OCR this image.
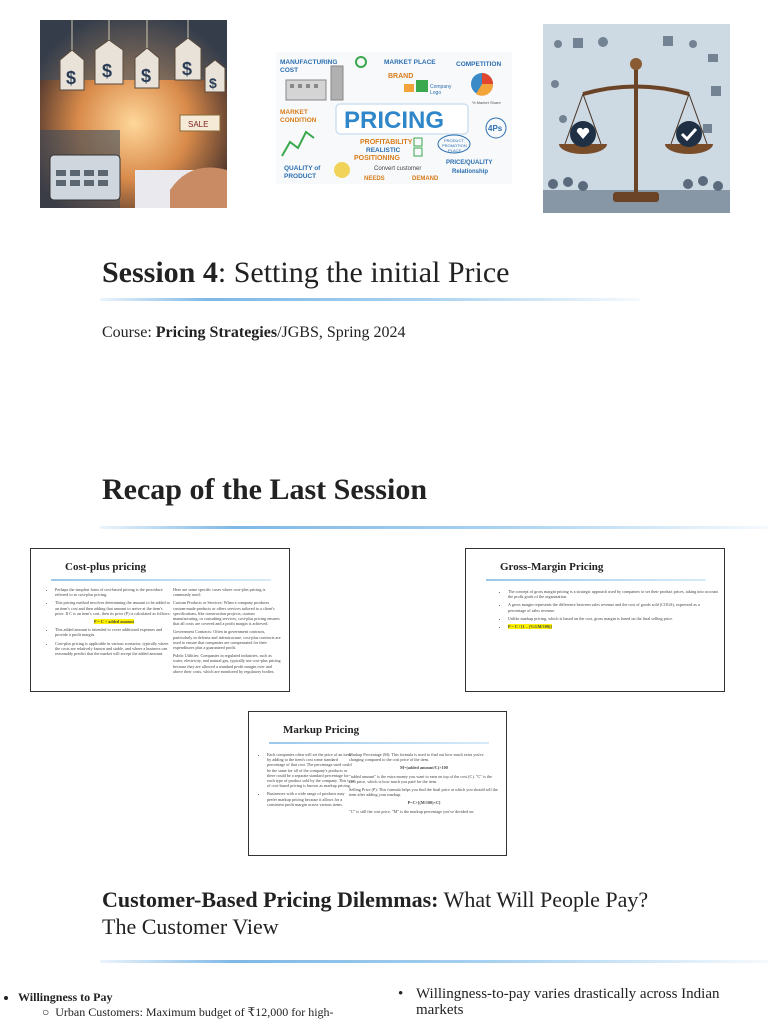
$ $ $ $
$
SALE
MANUFACTURING
COST
MARKET PLACE
BRAND
Company
Logo
COMPETITION
MARKET
CONDITION PRICING
% Market Share
PROFITABILITY
REALISTIC
POSITIONING
PRODUCT
PROMOTION
PLACE
4Ps
QUALITY of
PRODUCT
Convert customer
NEEDS	DEMAND
PRICE/QUALITY
Relationship
Session 4: Setting the initial Price
Course: Pricing Strategies/JGBS, Spring 2024
Recap of the Last Session
Cost-plus pricing
• Perhaps the simplest form of cost-based pricing is the procedure referred to as cost-plus pricing.
• This pricing method involves determining the amount to be added to an item's cost and then adding that amount to arrive at the item's price. If C is an item's cost, then its price (P) is calculated as follows:
P = C + added amount
• This added amount is intended to cover additional expenses and provide a profit margin.
• Cost-plus pricing is applicable in various scenarios, typically where the costs are relatively known and stable, and where a business can reasonably predict that the market will accept the added amount.

Here are some specific cases where cost-plus pricing is commonly used:

Custom Products or Services: When a company produces custom-made products or offers services tailored to a client's specifications, like construction projects, custom manufacturing, or consulting services, cost-plus pricing ensures that all costs are covered and a profit margin is achieved.

Government Contracts: Often in government contracts, particularly in defense and infrastructure, cost-plus contracts are used to ensure that companies are compensated for their expenditures plus a guaranteed profit.

Public Utilities: Companies in regulated industries, such as water, electricity, and natural gas, typically use cost-plus pricing because they are allowed a standard profit margin over and above their costs, which are monitored by regulatory bodies.

Gross-Margin Pricing
• The concept of gross margin pricing is a strategic approach used by companies to set their product prices, taking into account the profit goals of the organization.
• A gross margin represents the difference between sales revenue and the cost of goods sold (COGS), expressed as a percentage of sales revenue.
• Unlike markup pricing, which is based on the cost, gross margin is based on the final selling price.
• P = C / [1 – (%GM/100)]
Markup Pricing
• Each companies often will set the price of an item by adding to the item's cost some standard percentage of that cost. The percentage used could be the same for all of the company's products or there could be a separate standard percentage for each type of product sold by the company. This type of cost-based pricing is known as markup pricing.
• Businesses with a wide range of products may prefer markup pricing because it allows for a consistent profit margin across various items.

Markup Percentage (M): This formula is used to find out how much extra you're charging compared to the cost price of the item.

M=(added amount/C)×100

"added amount" is the extra money you want to earn on top of the cost (C). "C" is the cost price, which is how much you paid for the item.

Selling Price (P): This formula helps you find the final price at which you should sell the item after adding your markup.

P=C+[(M/100)×C]

"C" is still the cost price. "M" is the markup percentage you've decided on.

Customer-Based Pricing Dilemmas: What Will People Pay? The Customer View
• Willingness to Pay
○  Urban Customers: Maximum budget of ₹12,000 for high-
• Willingness-to-pay varies drastically across Indian markets
